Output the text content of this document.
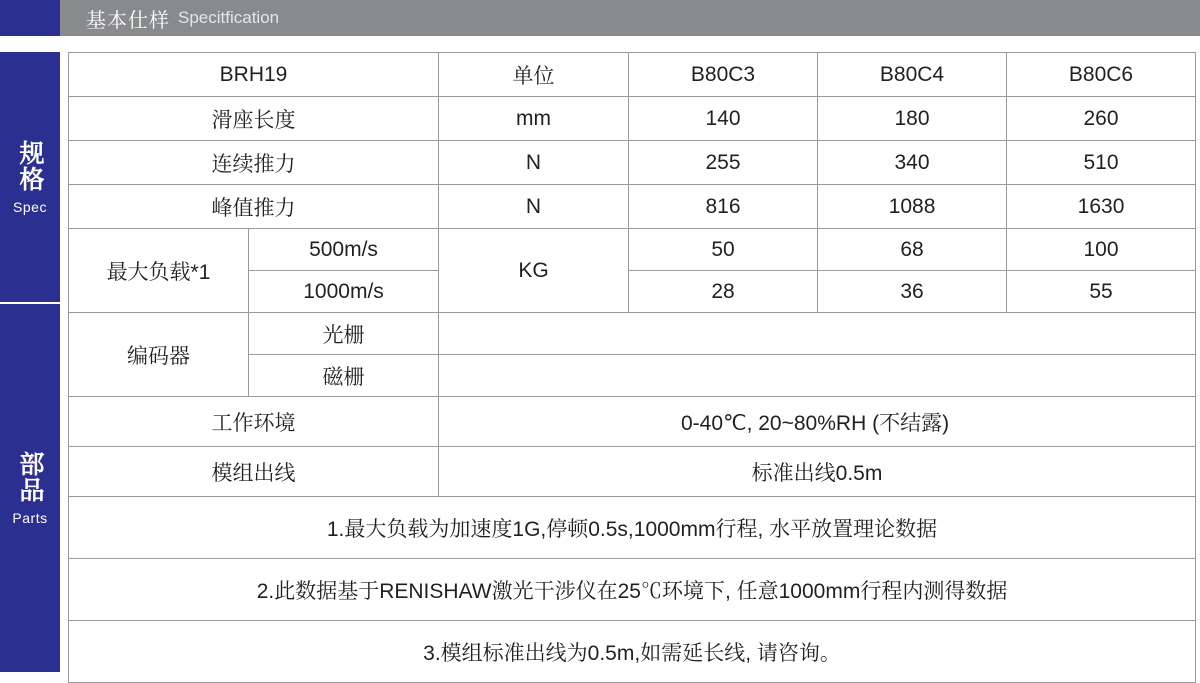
基本仕样 Specitfication
规格
Spec
部品
Parts
BRH19		单位	B80C3	B80C4	B80C6
滑座长度		mm	140	180	260
连续推力		N	255	340	510
峰值推力		N	816	1088	1630
最大负载*1	500m/s	KG	50	68	100
	1000m/s		28	36	55
编码器	光栅				
	磁栅				
工作环境		0-40℃, 20~80%RH (不结露)			
模组出线		标准出线0.5m			
1.最大负载为加速度1G,停顿0.5s,1000mm行程, 水平放置理论数据					
2.此数据基于RENISHAW激光干涉仪在25℃环境下, 任意1000mm行程内测得数据					
3.模组标准出线为0.5m,如需延长线, 请咨询。					
